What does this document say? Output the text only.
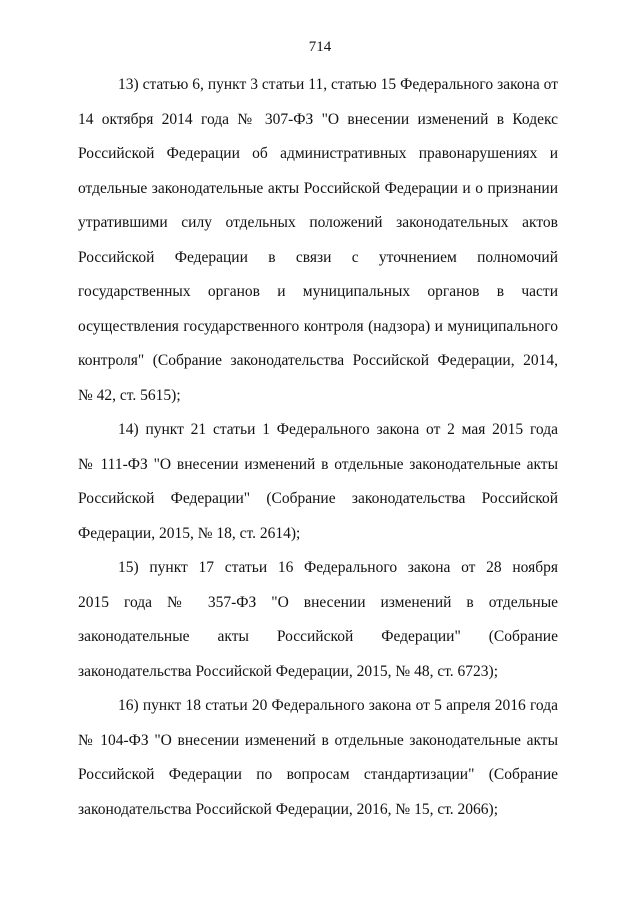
714
13) статью 6, пункт 3 статьи 11, статью 15 Федерального закона от
14 октября 2014 года № 307-ФЗ "О внесении изменений в Кодекс
Российской Федерации об административных правонарушениях и
отдельные законодательные акты Российской Федерации и о признании
утратившими силу отдельных положений законодательных актов
Российской Федерации в связи с уточнением полномочий
государственных органов и муниципальных органов в части
осуществления государственного контроля (надзора) и муниципального
контроля" (Собрание законодательства Российской Федерации, 2014,
№ 42, ст. 5615);
14) пункт 21 статьи 1 Федерального закона от 2 мая 2015 года
№ 111-ФЗ "О внесении изменений в отдельные законодательные акты
Российской Федерации" (Собрание законодательства Российской
Федерации, 2015, № 18, ст. 2614);
15) пункт 17 статьи 16 Федерального закона от 28 ноября
2015 года № 357-ФЗ "О внесении изменений в отдельные
законодательные акты Российской Федерации" (Собрание
законодательства Российской Федерации, 2015, № 48, ст. 6723);
16) пункт 18 статьи 20 Федерального закона от 5 апреля 2016 года
№ 104-ФЗ "О внесении изменений в отдельные законодательные акты
Российской Федерации по вопросам стандартизации" (Собрание
законодательства Российской Федерации, 2016, № 15, ст. 2066);
